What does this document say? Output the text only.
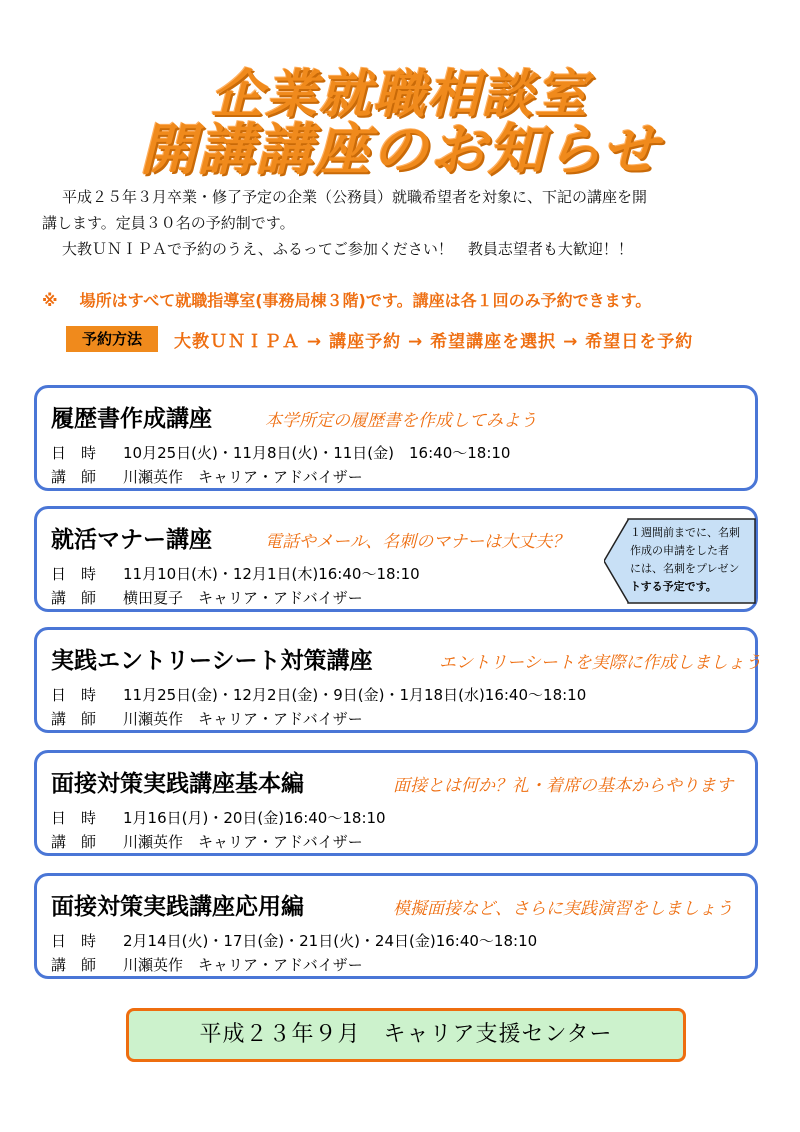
企業就職相談室
開講講座のお知らせ
平成２５年３月卒業・修了予定の企業（公務員）就職希望者を対象に、下記の講座を開
講します。定員３０名の予約制です。
大教ＵＮＩＰＡで予約のうえ、ふるってご参加ください！　教員志望者も大歓迎！！
※ 場所はすべて就職指導室(事務局棟３階)です。講座は各１回のみ予約できます。
予約方法	大教ＵＮＩＰＡ → 講座予約 → 希望講座を選択 → 希望日を予約
履歴書作成講座	本学所定の履歴書を作成してみよう
日　時 10月25日(火)・11月8日(火)・11日(金)　16:40〜18:10
講　師 川瀬英作　キャリア・アドバイザー
就活マナー講座	電話やメール、名刺のマナーは大丈夫？
日　時 11月10日(木)・12月1日(木)16:40〜18:10
講　師 横田夏子　キャリア・アドバイザー
実践エントリーシート対策講座	エントリーシートを実際に作成しましょう
日　時 11月25日(金)・12月2日(金)・9日(金)・1月18日(水)16:40〜18:10
講　師 川瀬英作　キャリア・アドバイザー
面接対策実践講座基本編	面接とは何か？礼・着席の基本からやります
日　時 1月16日(月)・20日(金)16:40〜18:10
講　師 川瀬英作　キャリア・アドバイザー
面接対策実践講座応用編	模擬面接など、さらに実践演習をしましょう
日　時 2月14日(火)・17日(金)・21日(火)・24日(金)16:40〜18:10
講　師 川瀬英作　キャリア・アドバイザー
１週間前までに、名刺
作成の申請をした者
には、名刺をプレゼン
トする予定です。
平成２３年９月　キャリア支援センター
